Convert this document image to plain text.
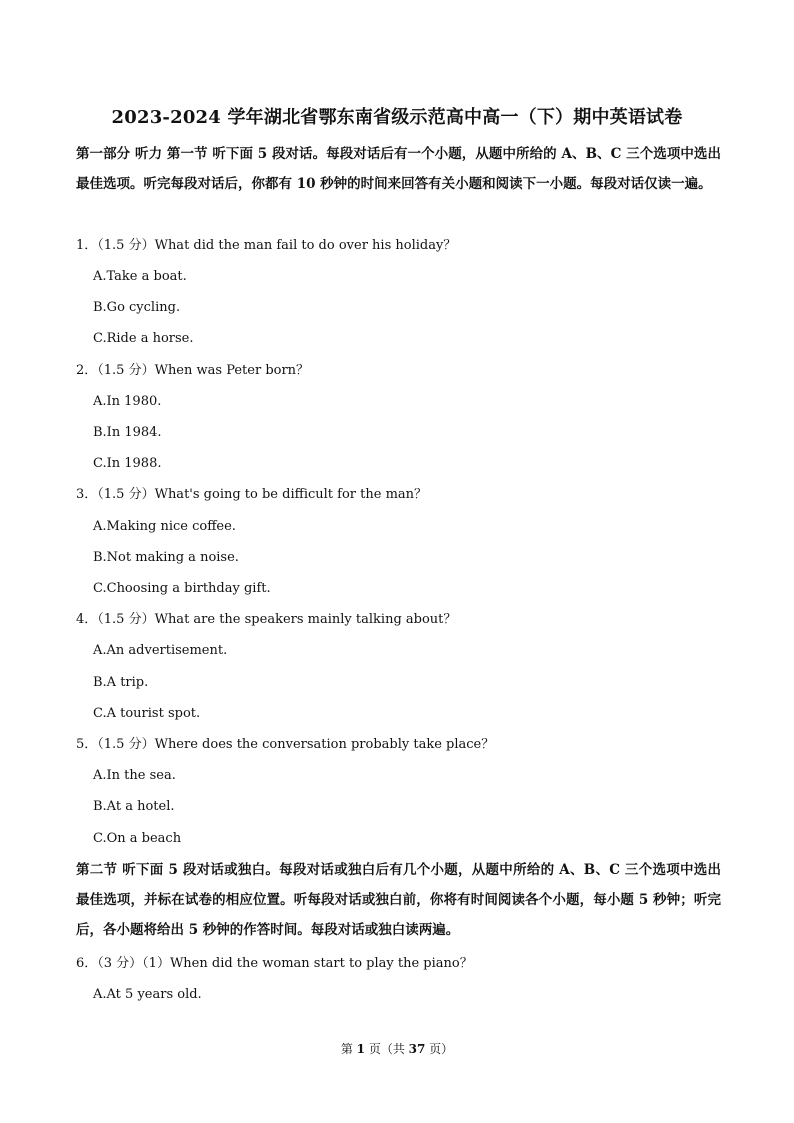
2023-2024 学年湖北省鄂东南省级示范高中高一（下）期中英语试卷
第一部分 听力 第一节 听下面 5 段对话。每段对话后有一个小题，从题中所给的 A、B、C 三个选项中选出最佳选项。听完每段对话后，你都有 10 秒钟的时间来回答有关小题和阅读下一小题。每段对话仅读一遍。
1．（1.5 分）What did the man fail to do over his holiday？
A.Take a boat.
B.Go cycling.
C.Ride a horse.
2．（1.5 分）When was Peter born？
A.In 1980.
B.In 1984.
C.In 1988.
3．（1.5 分）What's going to be difficult for the man？
A.Making nice coffee.
B.Not making a noise.
C.Choosing a birthday gift.
4．（1.5 分）What are the speakers mainly talking about？
A.An advertisement.
B.A trip.
C.A tourist spot.
5．（1.5 分）Where does the conversation probably take place？
A.In the sea.
B.At a hotel.
C.On a beach
第二节 听下面 5 段对话或独白。每段对话或独白后有几个小题，从题中所给的 A、B、C 三个选项中选出最佳选项，并标在试卷的相应位置。听每段对话或独白前，你将有时间阅读各个小题，每小题 5 秒钟；听完后，各小题将给出 5 秒钟的作答时间。每段对话或独白读两遍。
6．（3 分）（1）When did the woman start to play the piano？
A.At 5 years old.
第 1 页（共 37 页）
